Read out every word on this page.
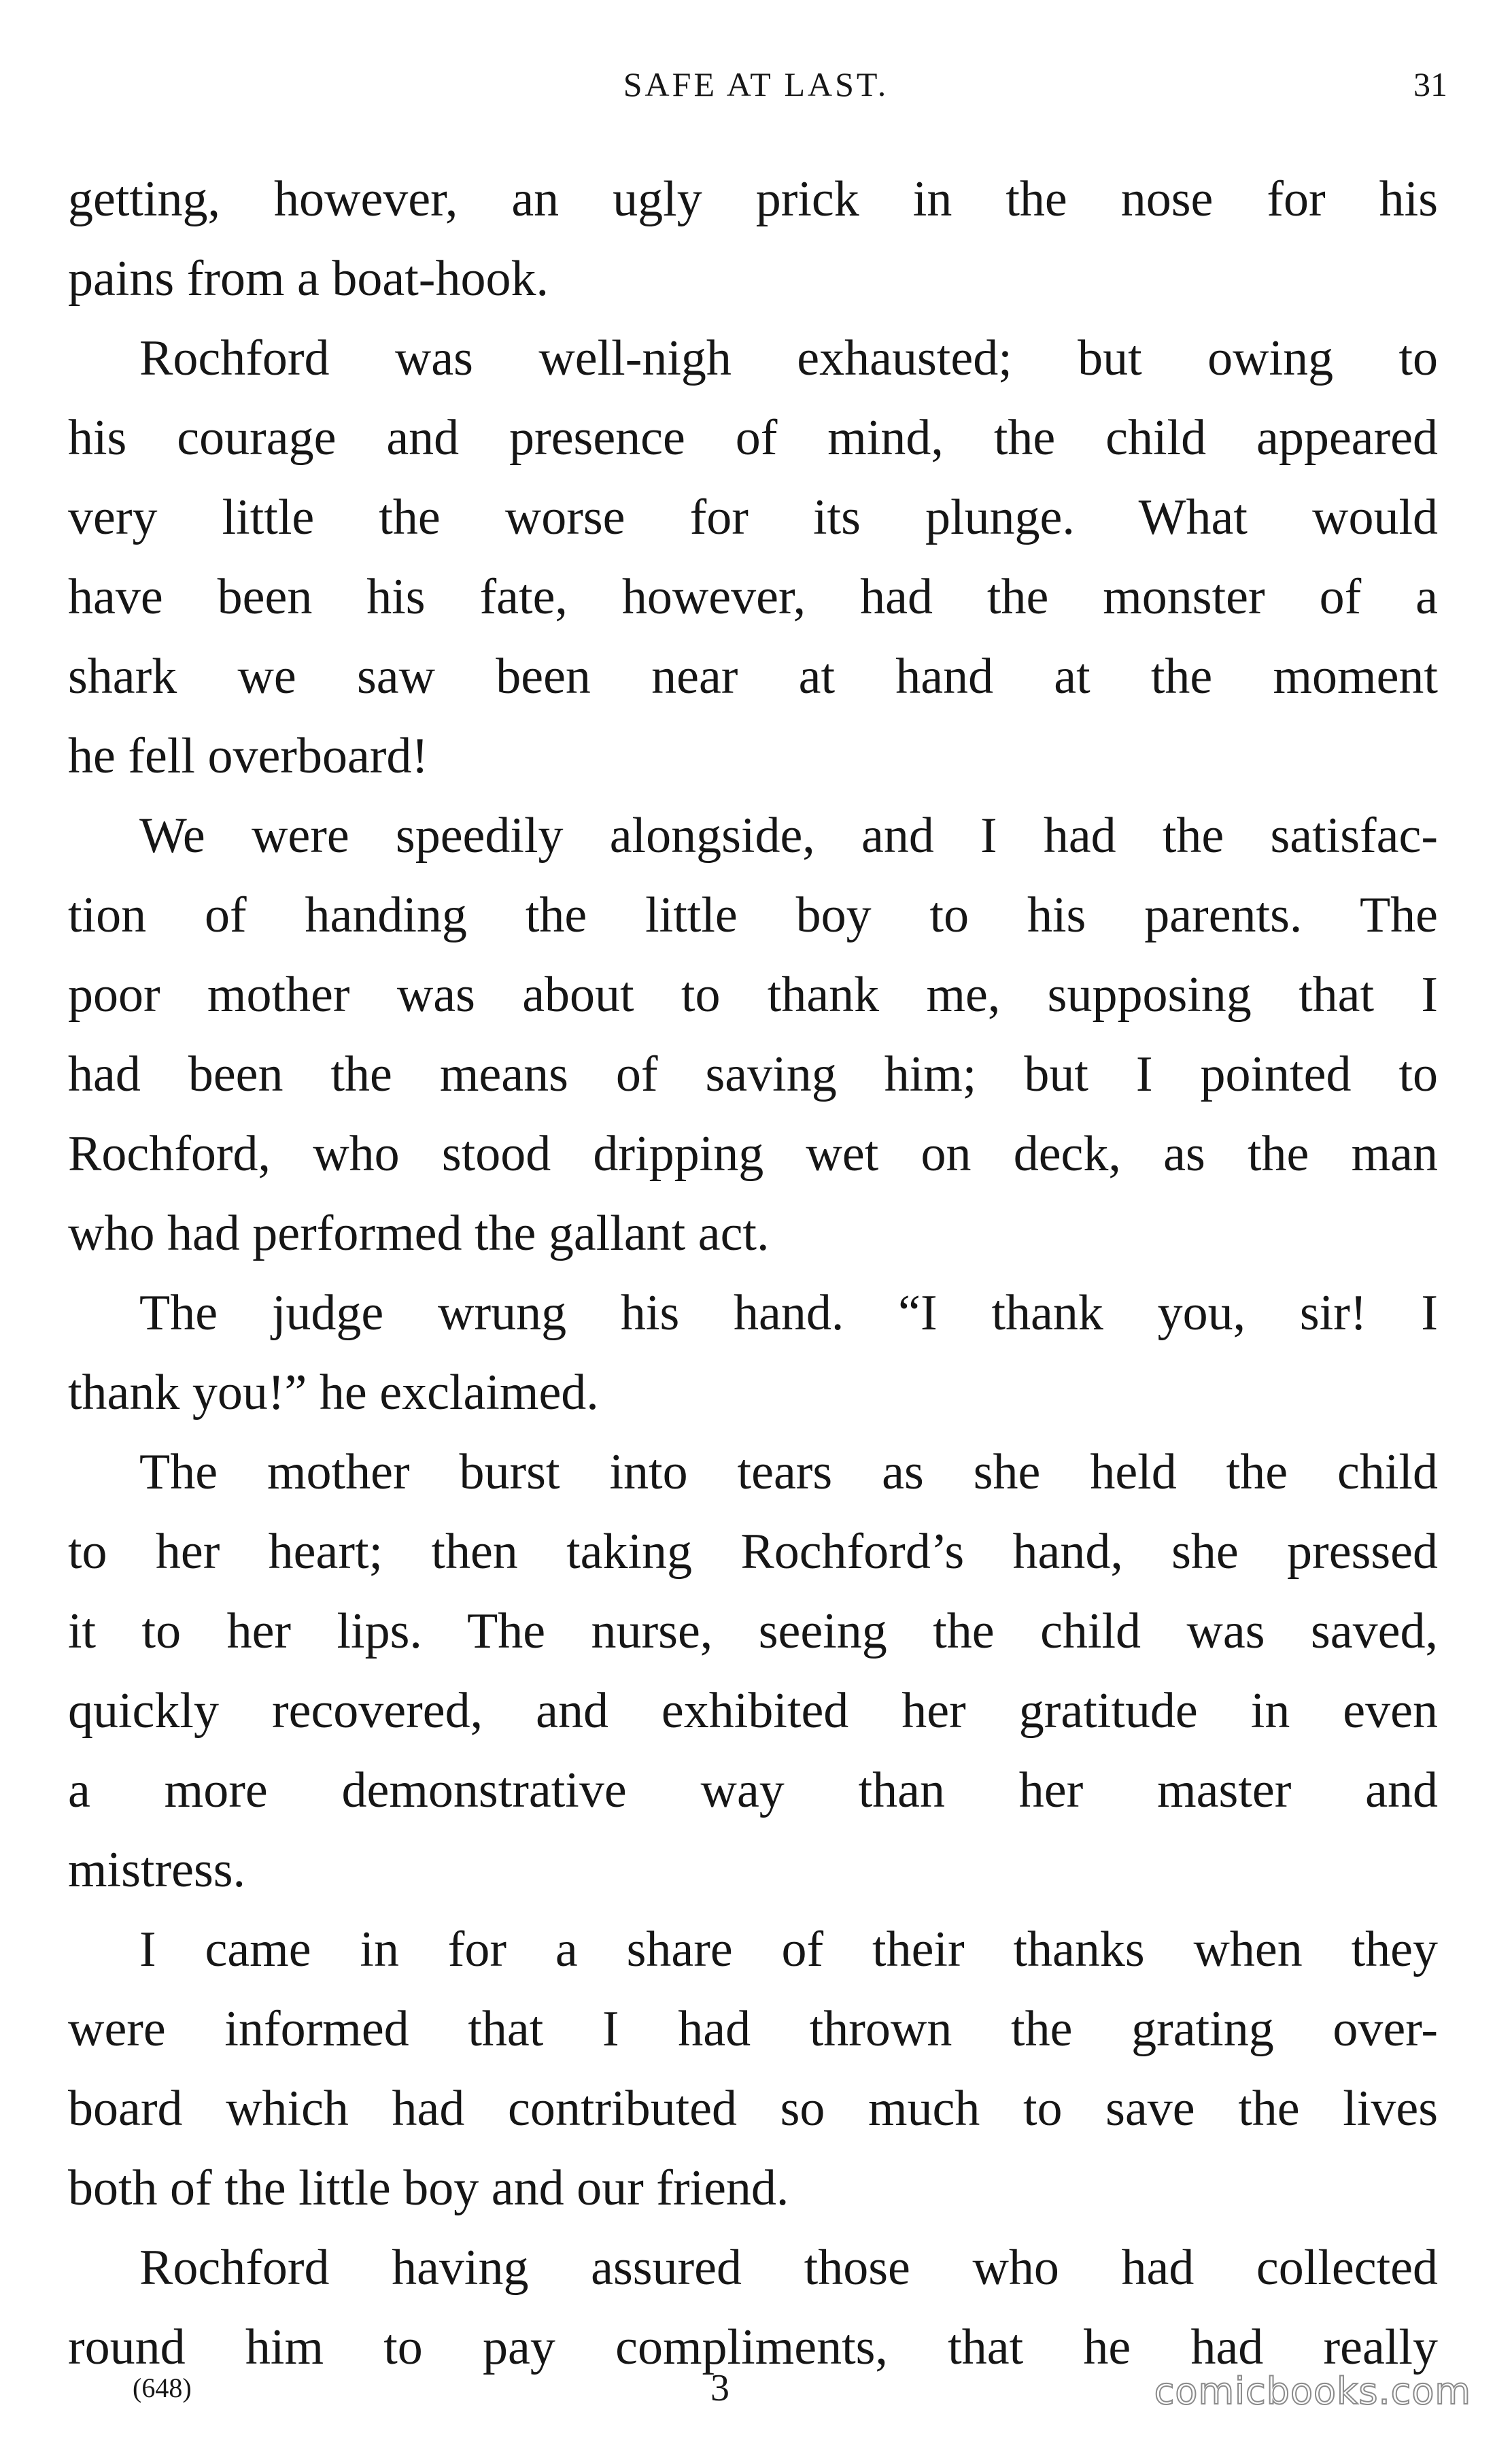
SAFE AT LAST.	31
getting, however, an ugly prick in the nose for his
pains from a boat-hook.
Rochford was well-nigh exhausted; but owing to
his courage and presence of mind, the child appeared
very little the worse for its plunge. What would
have been his fate, however, had the monster of a
shark we saw been near at hand at the moment
he fell overboard!
We were speedily alongside, and I had the satisfac-
tion of handing the little boy to his parents. The
poor mother was about to thank me, supposing that I
had been the means of saving him; but I pointed to
Rochford, who stood dripping wet on deck, as the man
who had performed the gallant act.
The judge wrung his hand. “I thank you, sir! I
thank you!” he exclaimed.
The mother burst into tears as she held the child
to her heart; then taking Rochford’s hand, she pressed
it to her lips. The nurse, seeing the child was saved,
quickly recovered, and exhibited her gratitude in even
a more demonstrative way than her master and
mistress.
I came in for a share of their thanks when they
were informed that I had thrown the grating over-
board which had contributed so much to save the lives
both of the little boy and our friend.
Rochford having assured those who had collected
round him to pay compliments, that he had really
(648)	3	comicbooks.com
